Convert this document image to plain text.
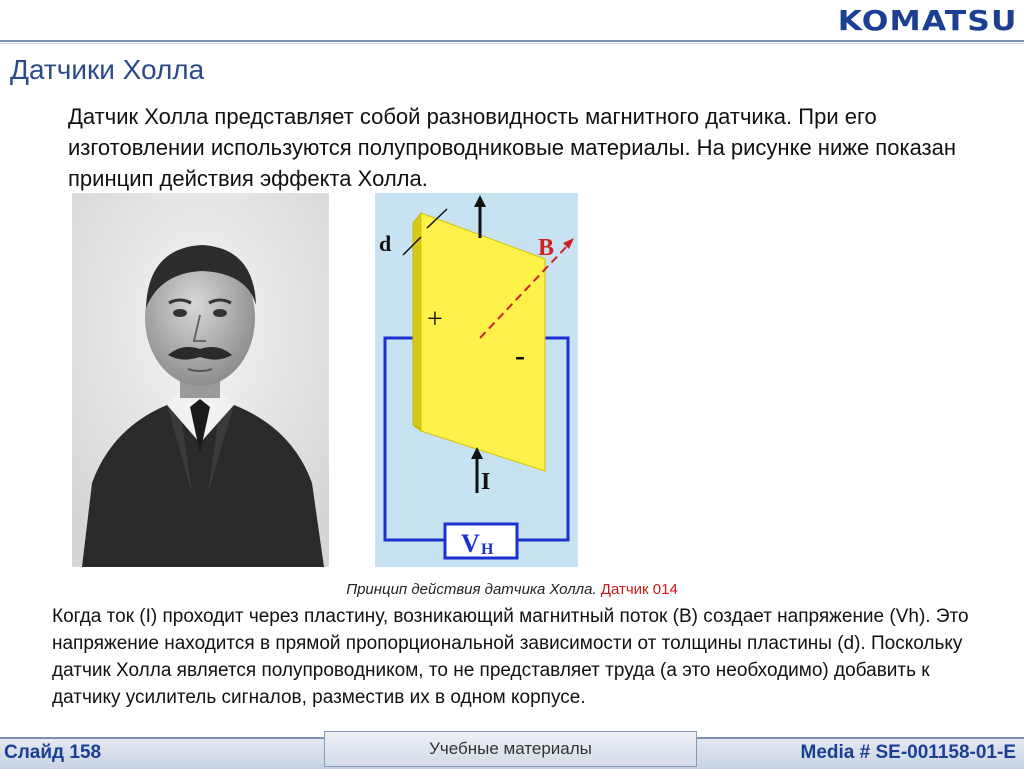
KOMATSU
Датчики Холла
Датчик Холла представляет собой разновидность магнитного датчика. При его изготовлении используются полупроводниковые материалы. На рисунке ниже показан принцип действия эффекта Холла.
V H
I
B
d
+
-
Принцип действия датчика Холла. Датчик 014
Когда ток (I) проходит через пластину, возникающий магнитный поток (В) создает напряжение (Vh). Это напряжение находится в прямой пропорциональной зависимости от толщины пластины (d). Поскольку датчик Холла является полупроводником, то не представляет труда (а это необходимо) добавить к датчику усилитель сигналов, разместив их в одном корпусе.
Слайд 158	Учебные материалы	Media # SE-001158-01-E
